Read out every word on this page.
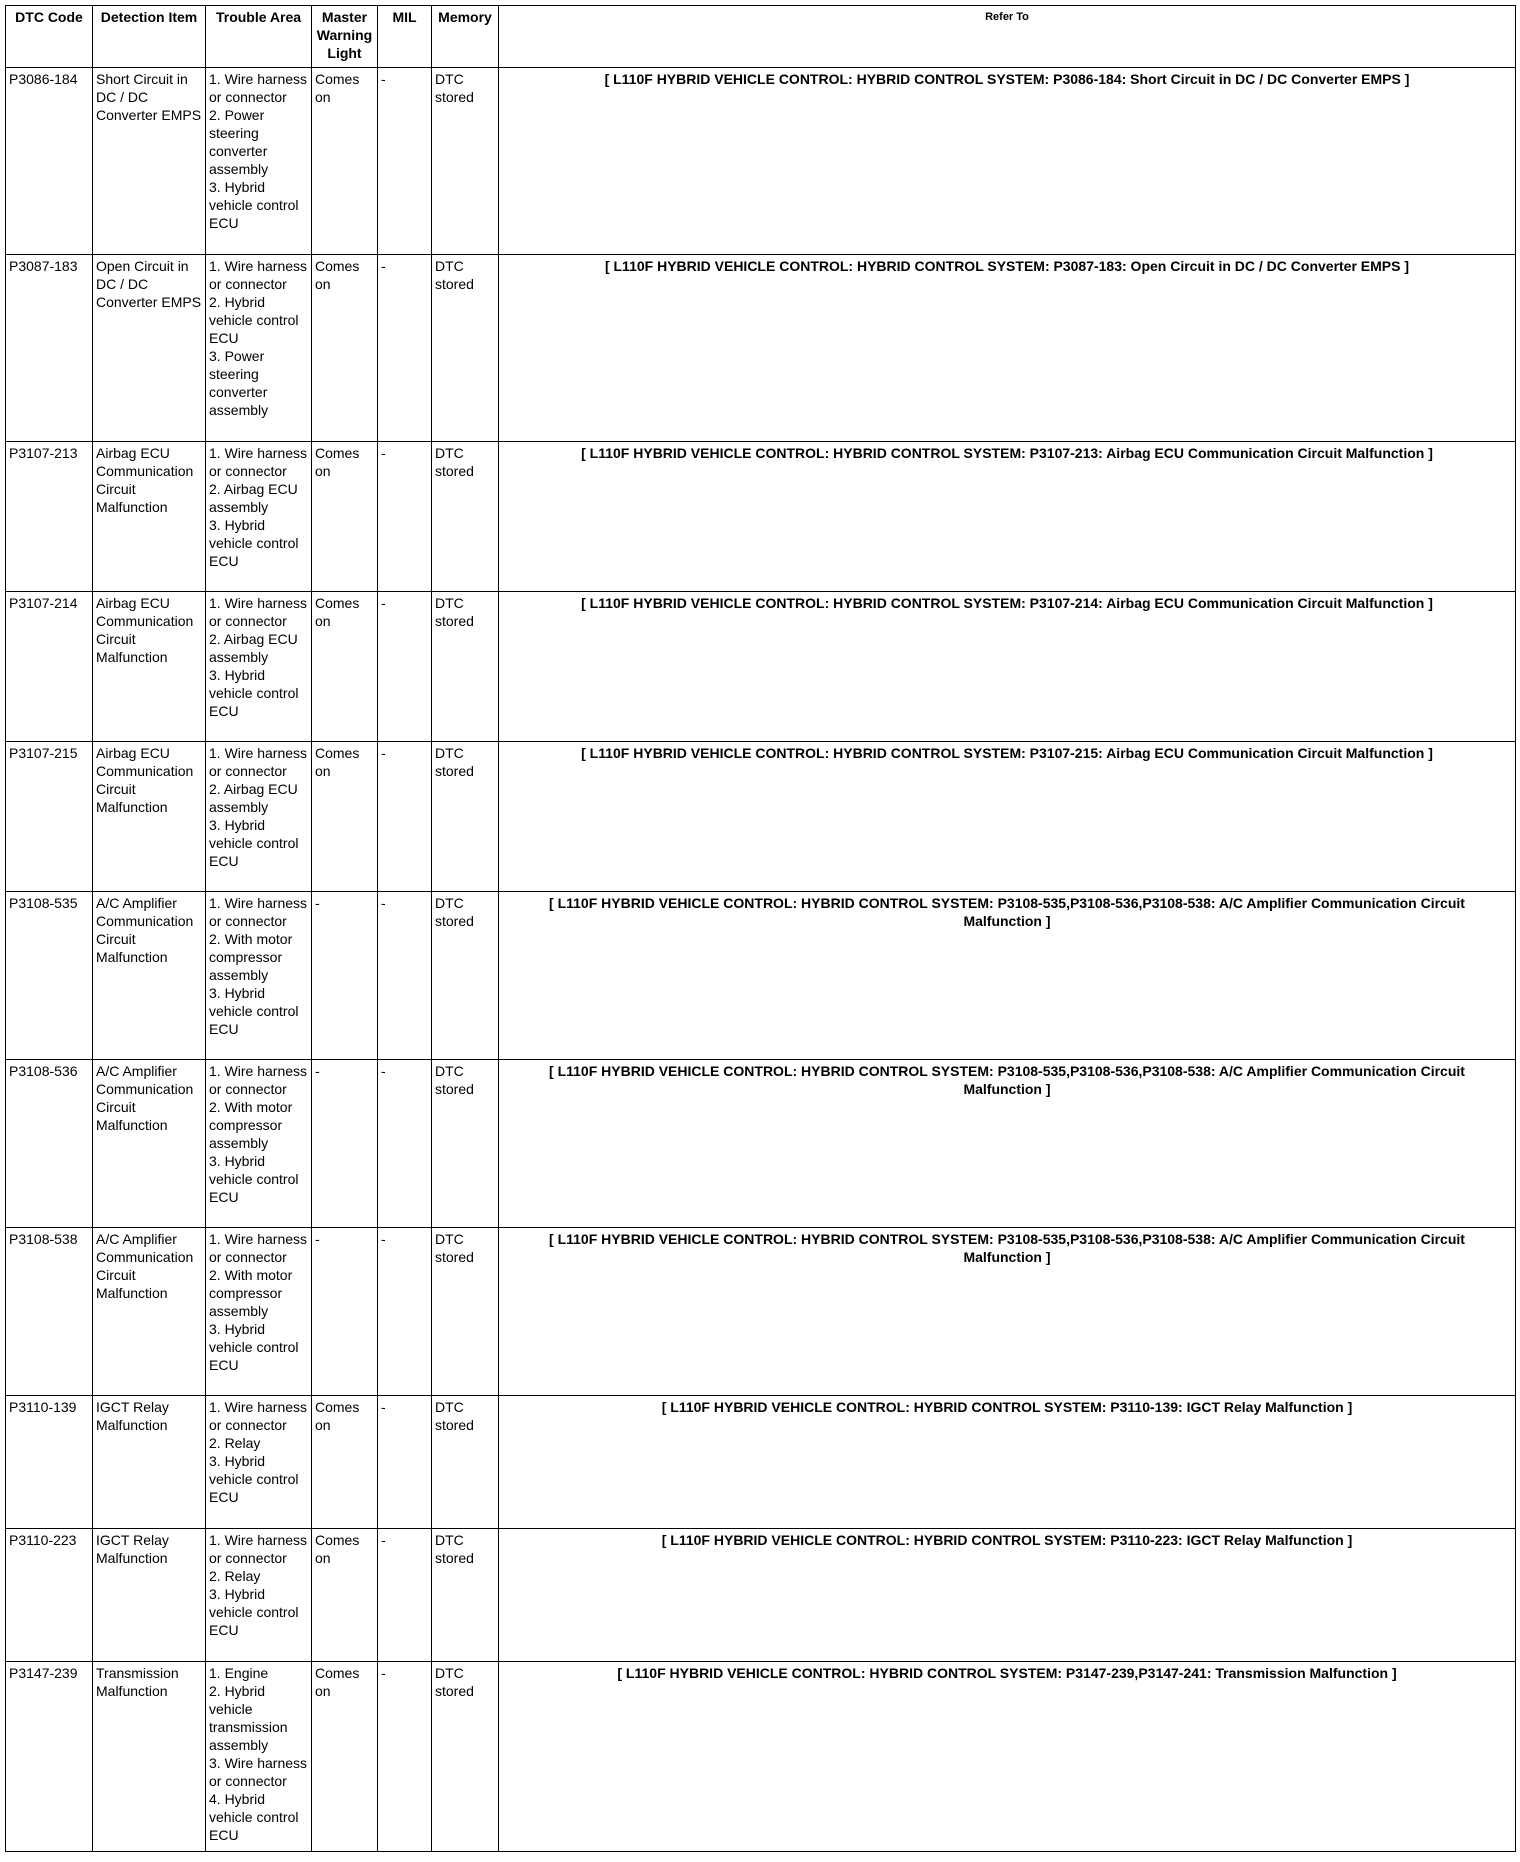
DTC Code	Detection Item	Trouble Area	Master Warning Light	MIL	Memory	Refer To
P3086-184	Short Circuit in DC / DC Converter EMPS	1. Wire harness or connector
2. Power steering converter assembly
3. Hybrid vehicle control ECU	Comes on	-	DTC stored	[ L110F HYBRID VEHICLE CONTROL: HYBRID CONTROL SYSTEM: P3086-184: Short Circuit in DC / DC Converter EMPS ]
P3087-183	Open Circuit in DC / DC Converter EMPS	1. Wire harness or connector
2. Hybrid vehicle control ECU
3. Power steering converter assembly	Comes on	-	DTC stored	[ L110F HYBRID VEHICLE CONTROL: HYBRID CONTROL SYSTEM: P3087-183: Open Circuit in DC / DC Converter EMPS ]
P3107-213	Airbag ECU Communication Circuit Malfunction	1. Wire harness or connector
2. Airbag ECU assembly
3. Hybrid vehicle control ECU	Comes on	-	DTC stored	[ L110F HYBRID VEHICLE CONTROL: HYBRID CONTROL SYSTEM: P3107-213: Airbag ECU Communication Circuit Malfunction ]
P3107-214	Airbag ECU Communication Circuit Malfunction	1. Wire harness or connector
2. Airbag ECU assembly
3. Hybrid vehicle control ECU	Comes on	-	DTC stored	[ L110F HYBRID VEHICLE CONTROL: HYBRID CONTROL SYSTEM: P3107-214: Airbag ECU Communication Circuit Malfunction ]
P3107-215	Airbag ECU Communication Circuit Malfunction	1. Wire harness or connector
2. Airbag ECU assembly
3. Hybrid vehicle control ECU	Comes on	-	DTC stored	[ L110F HYBRID VEHICLE CONTROL: HYBRID CONTROL SYSTEM: P3107-215: Airbag ECU Communication Circuit Malfunction ]
P3108-535	A/C Amplifier Communication Circuit Malfunction	1. Wire harness or connector
2. With motor compressor assembly
3. Hybrid vehicle control ECU	-	-	DTC stored	[ L110F HYBRID VEHICLE CONTROL: HYBRID CONTROL SYSTEM: P3108-535,P3108-536,P3108-538: A/C Amplifier Communication Circuit Malfunction ]
P3108-536	A/C Amplifier Communication Circuit Malfunction	1. Wire harness or connector
2. With motor compressor assembly
3. Hybrid vehicle control ECU	-	-	DTC stored	[ L110F HYBRID VEHICLE CONTROL: HYBRID CONTROL SYSTEM: P3108-535,P3108-536,P3108-538: A/C Amplifier Communication Circuit Malfunction ]
P3108-538	A/C Amplifier Communication Circuit Malfunction	1. Wire harness or connector
2. With motor compressor assembly
3. Hybrid vehicle control ECU	-	-	DTC stored	[ L110F HYBRID VEHICLE CONTROL: HYBRID CONTROL SYSTEM: P3108-535,P3108-536,P3108-538: A/C Amplifier Communication Circuit Malfunction ]
P3110-139	IGCT Relay Malfunction	1. Wire harness or connector
2. Relay
3. Hybrid vehicle control ECU	Comes on	-	DTC stored	[ L110F HYBRID VEHICLE CONTROL: HYBRID CONTROL SYSTEM: P3110-139: IGCT Relay Malfunction ]
P3110-223	IGCT Relay Malfunction	1. Wire harness or connector
2. Relay
3. Hybrid vehicle control ECU	Comes on	-	DTC stored	[ L110F HYBRID VEHICLE CONTROL: HYBRID CONTROL SYSTEM: P3110-223: IGCT Relay Malfunction ]
P3147-239	Transmission Malfunction	1. Engine
2. Hybrid vehicle transmission assembly
3. Wire harness or connector
4. Hybrid vehicle control ECU	Comes on	-	DTC stored	[ L110F HYBRID VEHICLE CONTROL: HYBRID CONTROL SYSTEM: P3147-239,P3147-241: Transmission Malfunction ]
